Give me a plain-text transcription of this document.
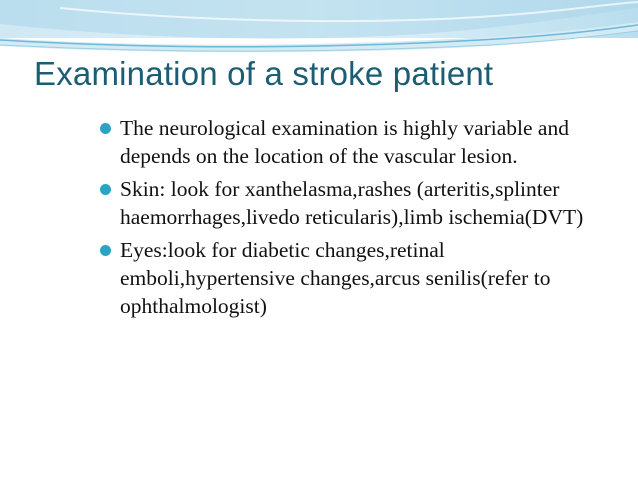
Examination of a stroke patient
The neurological examination is highly variable and depends on the location of the vascular lesion.
Skin: look for xanthelasma,rashes (arteritis,splinter haemorrhages,livedo reticularis),limb ischemia(DVT)
Eyes:look for diabetic changes,retinal emboli,hypertensive changes,arcus senilis(refer to ophthalmologist)
